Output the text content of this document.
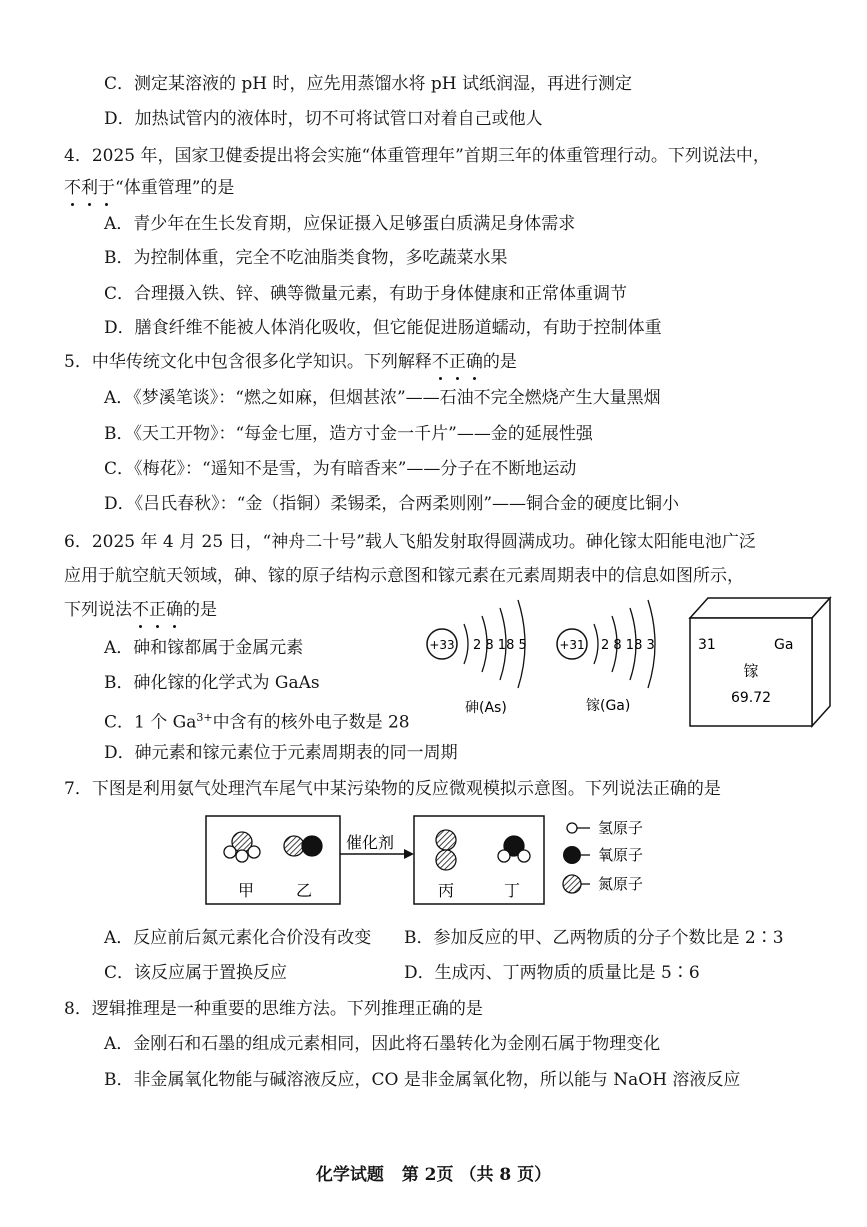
C．测定某溶液的 pH 时，应先用蒸馏水将 pH 试纸润湿，再进行测定
D．加热试管内的液体时，切不可将试管口对着自己或他人
4．2025 年，国家卫健委提出将会实施“体重管理年”首期三年的体重管理行动。下列说法中，
不利于“体重管理”的是
A．青少年在生长发育期，应保证摄入足够蛋白质满足身体需求
B．为控制体重，完全不吃油脂类食物，多吃蔬菜水果
C．合理摄入铁、锌、碘等微量元素，有助于身体健康和正常体重调节
D．膳食纤维不能被人体消化吸收，但它能促进肠道蠕动，有助于控制体重
5．中华传统文化中包含很多化学知识。下列解释不正确的是
A．《梦溪笔谈》：“燃之如麻，但烟甚浓”——石油不完全燃烧产生大量黑烟
B．《天工开物》：“每金七厘，造方寸金一千片”——金的延展性强
C．《梅花》：“遥知不是雪，为有暗香来”——分子在不断地运动
D．《吕氏春秋》：“金（指铜）柔锡柔，合两柔则刚”——铜合金的硬度比铜小
6．2025 年 4 月 25 日，“神舟二十号”载人飞船发射取得圆满成功。砷化镓太阳能电池广泛
应用于航空航天领域，砷、镓的原子结构示意图和镓元素在元素周期表中的信息如图所示，
下列说法不正确的是
A．砷和镓都属于金属元素
B．砷化镓的化学式为 GaAs
C．1 个 $Ga^{3+}$中含有的核外电子数是 28
D．砷元素和镓元素位于元素周期表的同一周期
+33 2 8 18 5
砷(As)
+31 2 8 18 3
镓(Ga)
31	Ga
镓
69.72
7．下图是利用氨气处理汽车尾气中某污染物的反应微观模拟示意图。下列说法正确的是
甲	乙
催化剂
丙	丁
氢原子
氧原子
氮原子
A．反应前后氮元素化合价没有改变 B．参加反应的甲、乙两物质的分子个数比是 2∶3
C．该反应属于置换反应	D．生成丙、丁两物质的质量比是 5∶6
8．逻辑推理是一种重要的思维方法。下列推理正确的是
A．金刚石和石墨的组成元素相同，因此将石墨转化为金刚石属于物理变化
B．非金属氧化物能与碱溶液反应，CO 是非金属氧化物，所以能与 NaOH 溶液反应
化学试题 第 2页 （共 8 页）
